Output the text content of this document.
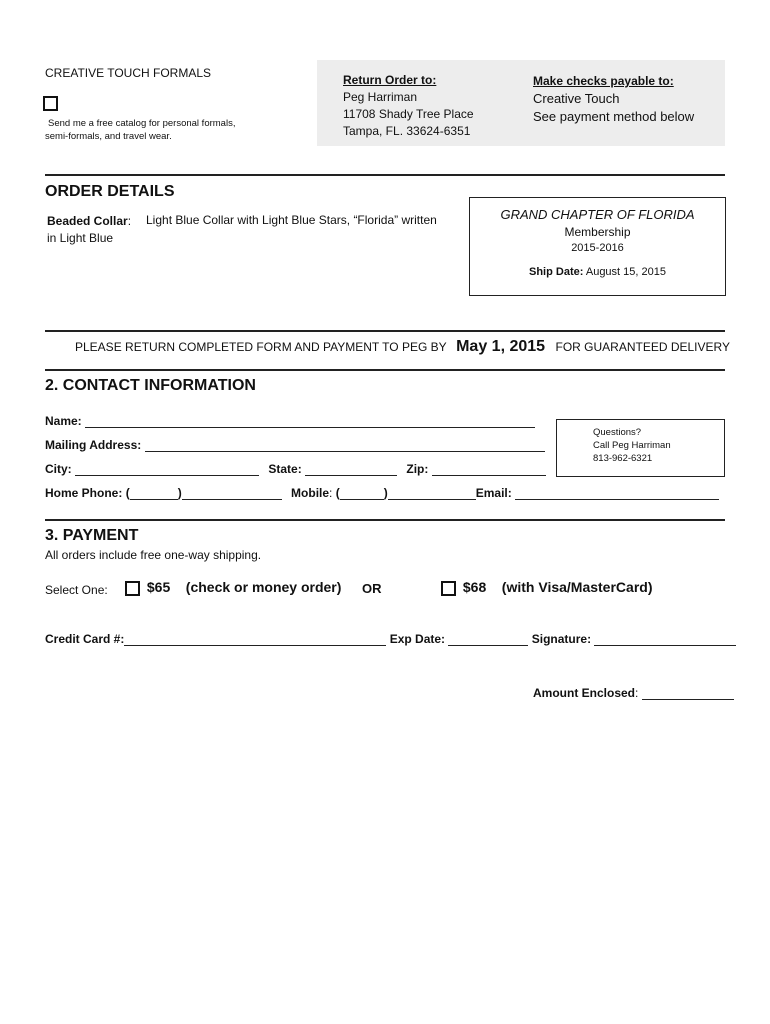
CREATIVE TOUCH FORMALS
Send me a free catalog for personal formals,
semi-formals, and travel wear.
Return Order to:
Peg Harriman
11708 Shady Tree Place
Tampa, FL. 33624-6351
Make checks payable to:
Creative Touch
See payment method below
ORDER DETAILS
Beaded Collar:
in Light Blue
Light Blue Collar with Light Blue Stars, “Florida” written	GRAND CHAPTER OF FLORIDA
Membership
2015-2016
Ship Date: August 15, 2015
PLEASE RETURN COMPLETED FORM AND PAYMENT TO PEG BY May 1, 2015 FOR GUARANTEED DELIVERY
2. CONTACT INFORMATION
Name:
Mailing Address:
City:	State:	Zip:
Home Phone: (	)	Mobile: (	)	Email:
Questions?
Call Peg Harriman
813-962-6321
3. PAYMENT
All orders include free one-way shipping.
Select One:	$65    (check or money order) OR	$68    (with Visa/MasterCard)
Credit Card #:	Exp Date:	Signature:
Amount Enclosed:
